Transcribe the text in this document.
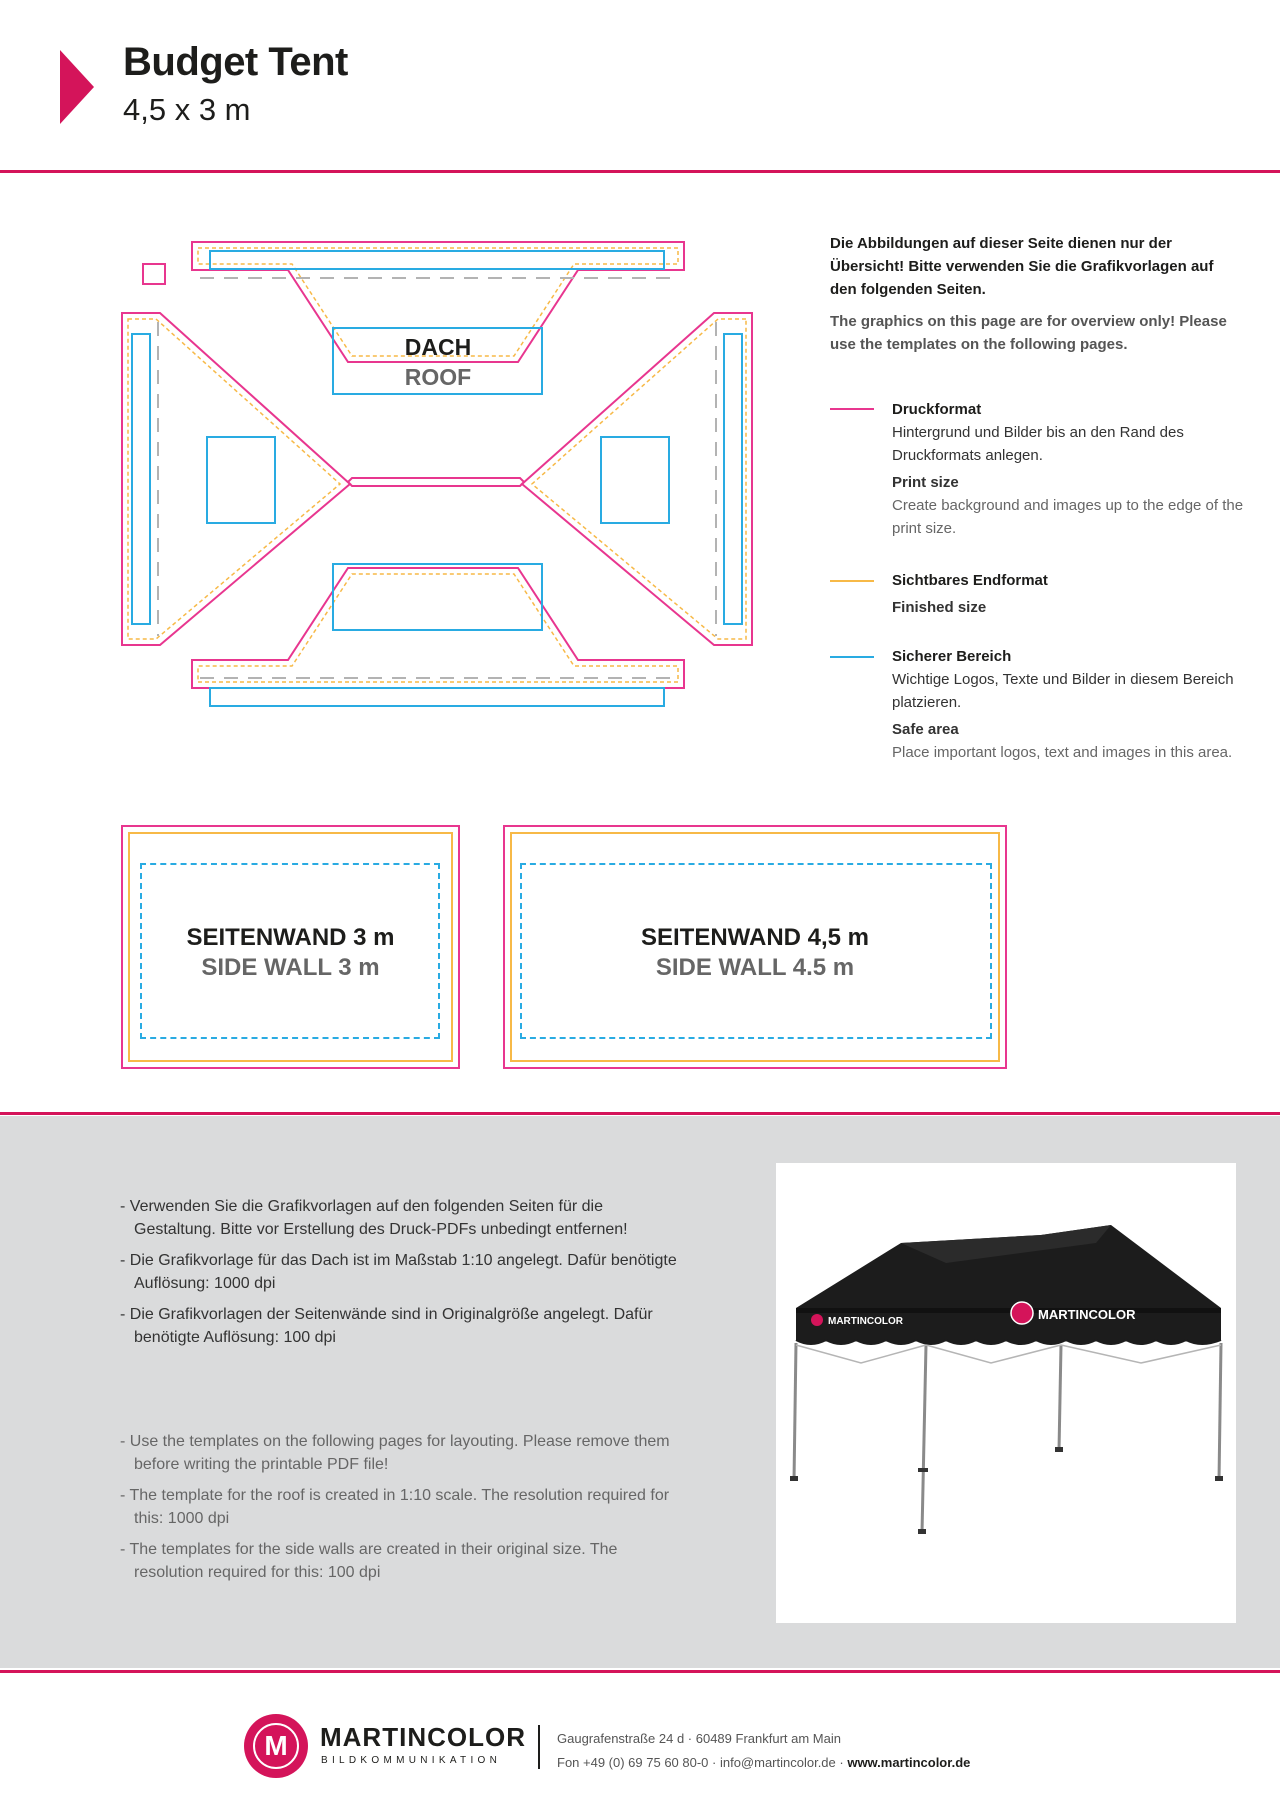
Budget Tent
4,5 x 3 m
DACH
ROOF
Die Abbildungen auf dieser Seite dienen nur der Übersicht! Bitte verwenden Sie die Grafikvorlagen auf den folgenden Seiten.
The graphics on this page are for overview only! Please use the templates on the following pages.
Druckformat
Hintergrund und Bilder bis an den Rand des Druckformats anlegen.
Print size
Create background and images up to the edge of the print size.
Sichtbares Endformat
Finished size
Sicherer Bereich
Wichtige Logos, Texte und Bilder in diesem Bereich platzieren.
Safe area
Place important logos, text and images in this area.
SEITENWAND 3 m
SIDE WALL 3 m
SEITENWAND 4,5 m
SIDE WALL 4.5 m
- Verwenden Sie die Grafikvorlagen auf den folgenden Seiten für die Gestaltung. Bitte vor Erstellung des Druck-PDFs unbedingt entfernen!
- Die Grafikvorlage für das Dach ist im Maßstab 1:10 angelegt. Dafür benötigte Auflösung: 1000 dpi
- Die Grafikvorlagen der Seitenwände sind in Originalgröße angelegt. Dafür benötigte Auflösung: 100 dpi
- Use the templates on the following pages for layouting. Please remove them before writing the printable PDF file!
- The template for the roof is created in 1:10 scale. The resolution required for this: 1000 dpi
- The templates for the side walls are created in their original size. The resolution required for this: 100 dpi
MARTINCOLOR	MARTINCOLOR
M	MARTINCOLOR
BILDKOMMUNIKATION
Gaugrafenstraße 24 d · 60489 Frankfurt am Main
Fon +49 (0) 69 75 60 80-0 · info@martincolor.de · www.martincolor.de
